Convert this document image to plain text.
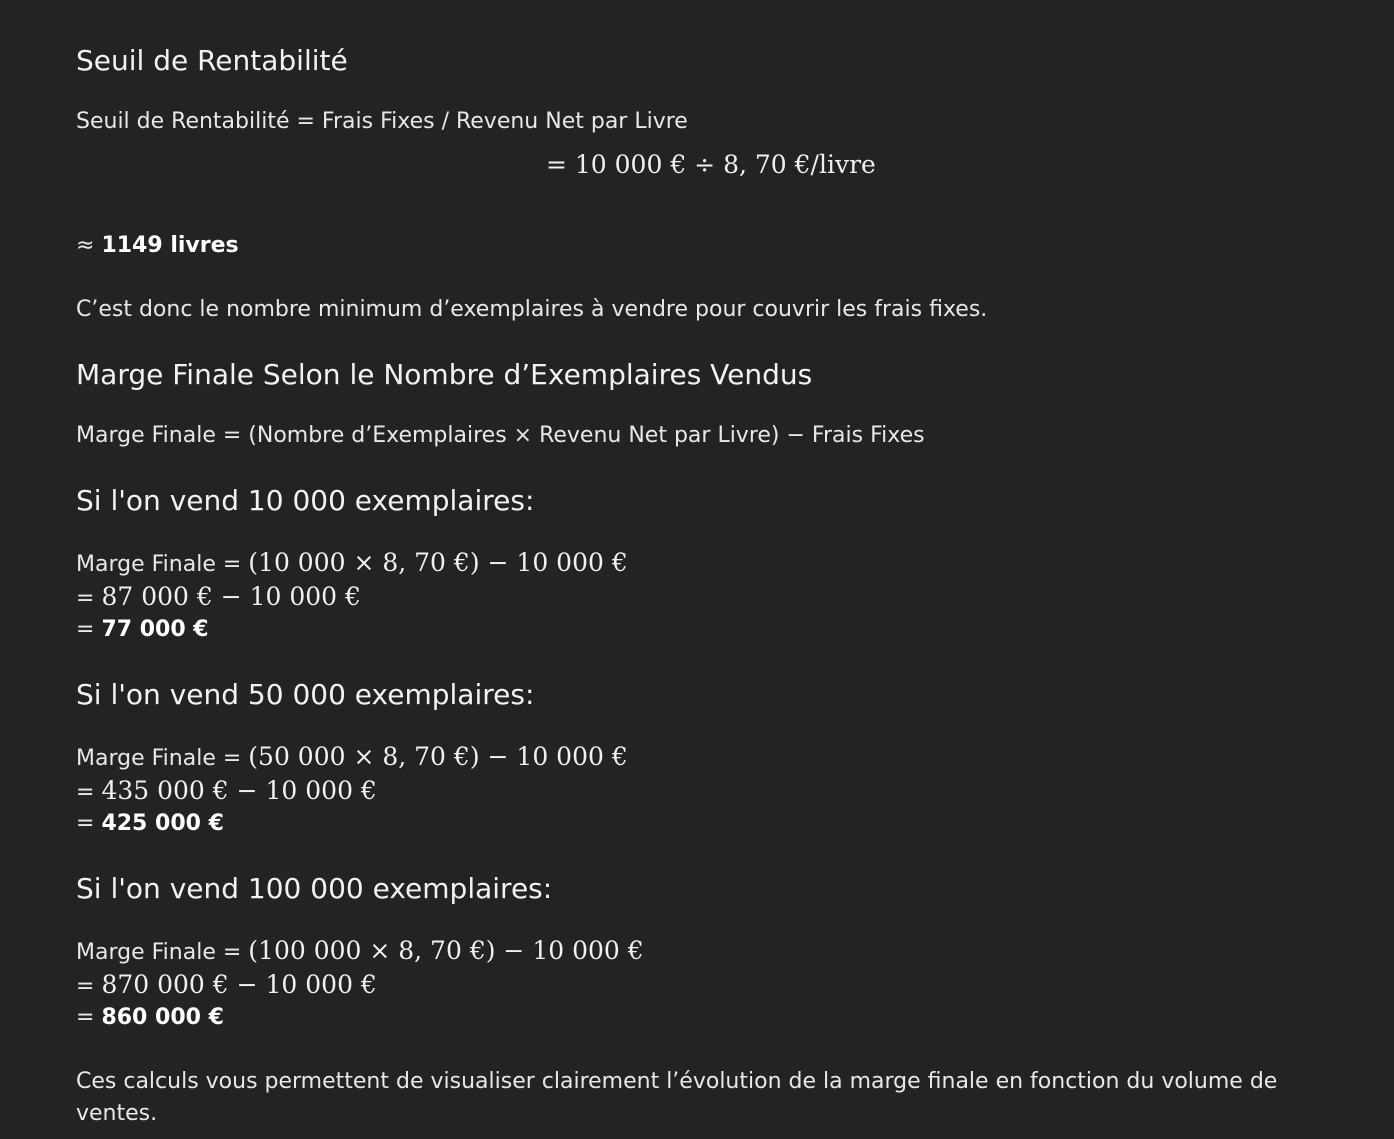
Seuil de Rentabilité
Seuil de Rentabilité = Frais Fixes / Revenu Net par Livre
= 10 000 € ÷ 8, 70 €/livre
≈ 1149 livres
C’est donc le nombre minimum d’exemplaires à vendre pour couvrir les frais fixes.
Marge Finale Selon le Nombre d’Exemplaires Vendus
Marge Finale = (Nombre d’Exemplaires × Revenu Net par Livre) − Frais Fixes
Si l'on vend 10 000 exemplaires:
Marge Finale = (10 000 × 8, 70 €) − 10 000 €
= 87 000 € − 10 000 €
= 77 000 €
Si l'on vend 50 000 exemplaires:
Marge Finale = (50 000 × 8, 70 €) − 10 000 €
= 435 000 € − 10 000 €
= 425 000 €
Si l'on vend 100 000 exemplaires:
Marge Finale = (100 000 × 8, 70 €) − 10 000 €
= 870 000 € − 10 000 €
= 860 000 €
Ces calculs vous permettent de visualiser clairement l’évolution de la marge finale en fonction du volume de ventes.
